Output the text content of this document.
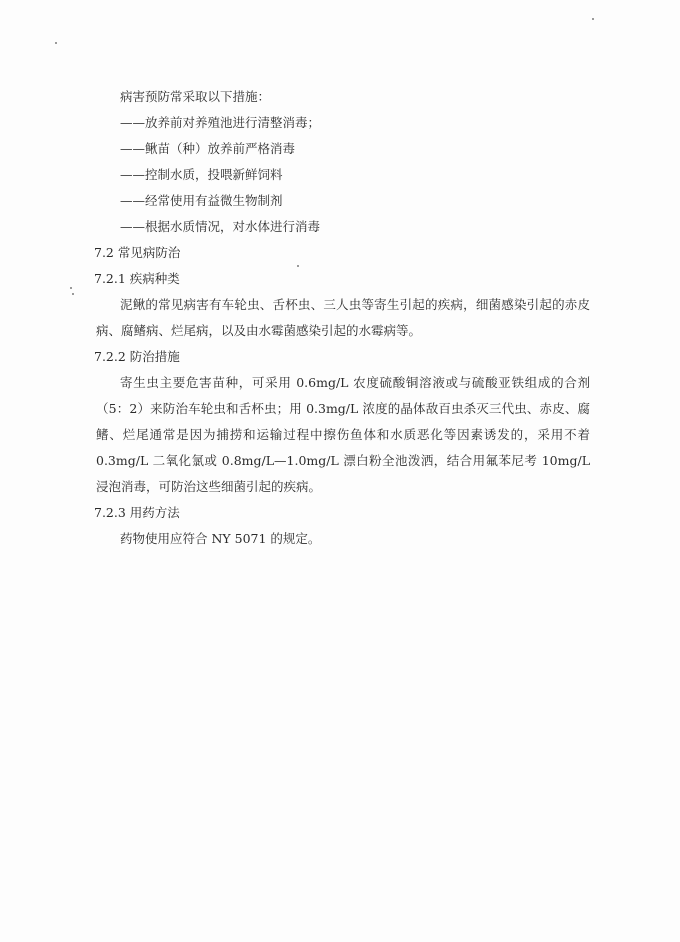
病害预防常采取以下措施：
——放养前对养殖池进行清整消毒；
——鳅苗（种）放养前严格消毒
——控制水质，投喂新鲜饲料
——经常使用有益微生物制剂
——根据水质情况，对水体进行消毒
7.2 常见病防治
7.2.1 疾病种类

泥鳅的常见病害有车轮虫、舌杯虫、三人虫等寄生引起的疾病，细菌感染引起的赤皮病、腐鳍病、烂尾病，以及由水霉菌感染引起的水霉病等。

7.2.2 防治措施

寄生虫主要危害苗种，可采用 0.6mg/L 农度硫酸铜溶液或与硫酸亚铁组成的合剂（5：2）来防治车轮虫和舌杯虫；用 0.3mg/L 浓度的晶体敌百虫杀灭三代虫、赤皮、腐鳍、烂尾通常是因为捕捞和运输过程中擦伤鱼体和水质恶化等因素诱发的，采用不着 0.3mg/L 二氧化氯或 0.8mg/L—1.0mg/L 漂白粉全池泼洒，结合用氟苯尼考 10mg/L 浸泡消毒，可防治这些细菌引起的疾病。

7.2.3 用药方法

药物使用应符合 NY 5071 的规定。
